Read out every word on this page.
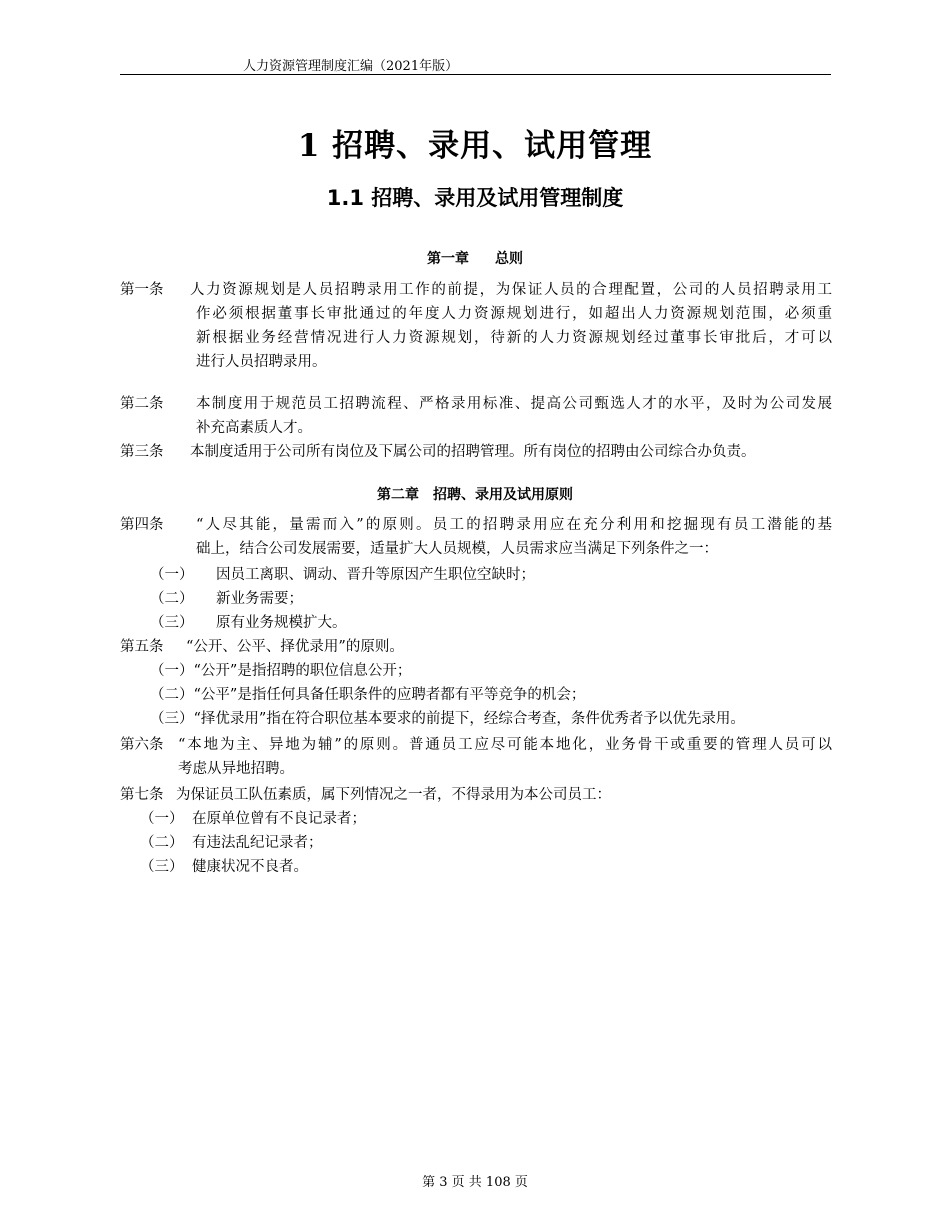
人力资源管理制度汇编（2021年版）
1 招聘、录用、试用管理
1.1 招聘、录用及试用管理制度
第一章 总则
第一条	人力资源规划是人员招聘录用工作的前提，为保证人员的合理配置，公司的人员招聘录用工
作必须根据董事长审批通过的年度人力资源规划进行，如超出人力资源规划范围，必须重
新根据业务经营情况进行人力资源规划，待新的人力资源规划经过董事长审批后，才可以
进行人员招聘录用。
第二条	本制度用于规范员工招聘流程、严格录用标准、提高公司甄选人才的水平，及时为公司发展
补充高素质人才。
第三条	本制度适用于公司所有岗位及下属公司的招聘管理。所有岗位的招聘由公司综合办负责。
第二章 招聘、录用及试用原则
第四条	“人尽其能，量需而入”的原则。员工的招聘录用应在充分利用和挖掘现有员工潜能的基
础上，结合公司发展需要，适量扩大人员规模，人员需求应当满足下列条件之一：
（一） 因员工离职、调动、晋升等原因产生职位空缺时；
（二） 新业务需要；
（三） 原有业务规模扩大。
第五条	“公开、公平、择优录用”的原则。
（一）“公开”是指招聘的职位信息公开；
（二）“公平”是指任何具备任职条件的应聘者都有平等竞争的机会；
（三）“择优录用”指在符合职位基本要求的前提下，经综合考查，条件优秀者予以优先录用。
第六条	“本地为主、异地为辅”的原则。普通员工应尽可能本地化，业务骨干或重要的管理人员可以
考虑从异地招聘。
第七条 为保证员工队伍素质，属下列情况之一者，不得录用为本公司员工：
（一） 在原单位曾有不良记录者；
（二） 有违法乱纪记录者；
（三） 健康状况不良者。
第 3 页 共 108 页
